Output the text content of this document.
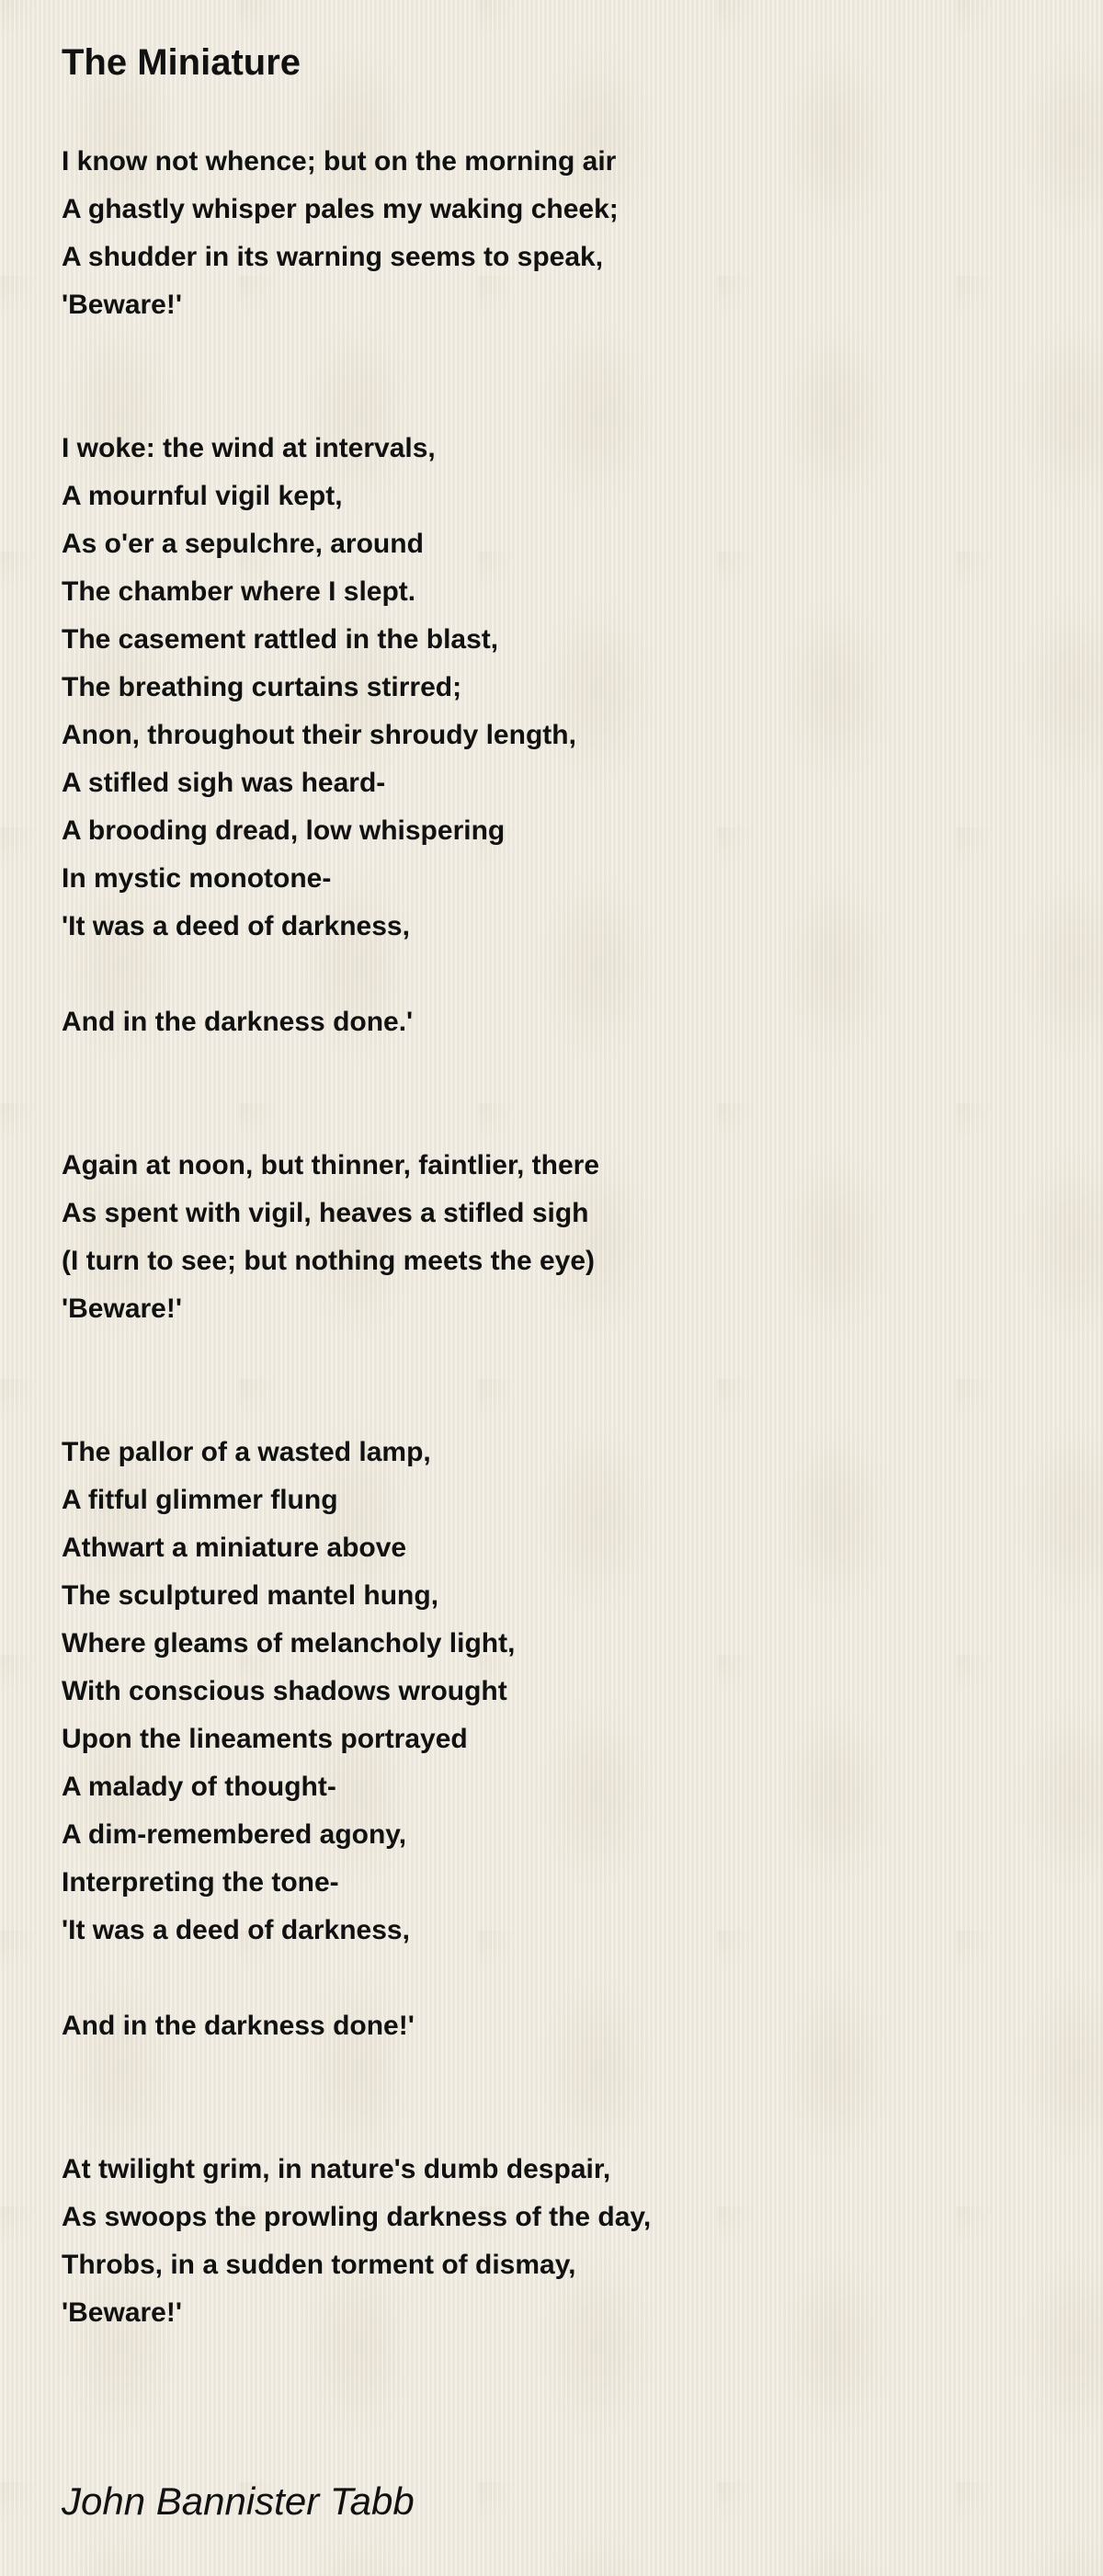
The Miniature
I know not whence; but on the morning air
A ghastly whisper pales my waking cheek;
A shudder in its warning seems to speak,
'Beware!'
I woke: the wind at intervals,
A mournful vigil kept,
As o'er a sepulchre, around
The chamber where I slept.
The casement rattled in the blast,
The breathing curtains stirred;
Anon, throughout their shroudy length,
A stifled sigh was heard-
A brooding dread, low whispering
In mystic monotone-
'It was a deed of darkness,
And in the darkness done.'
Again at noon, but thinner, faintlier, there
As spent with vigil, heaves a stifled sigh
(I turn to see; but nothing meets the eye)
'Beware!'
The pallor of a wasted lamp,
A fitful glimmer flung
Athwart a miniature above
The sculptured mantel hung,
Where gleams of melancholy light,
With conscious shadows wrought
Upon the lineaments portrayed
A malady of thought-
A dim-remembered agony,
Interpreting the tone-
'It was a deed of darkness,
And in the darkness done!'
At twilight grim, in nature's dumb despair,
As swoops the prowling darkness of the day,
Throbs, in a sudden torment of dismay,
'Beware!'
John Bannister Tabb
